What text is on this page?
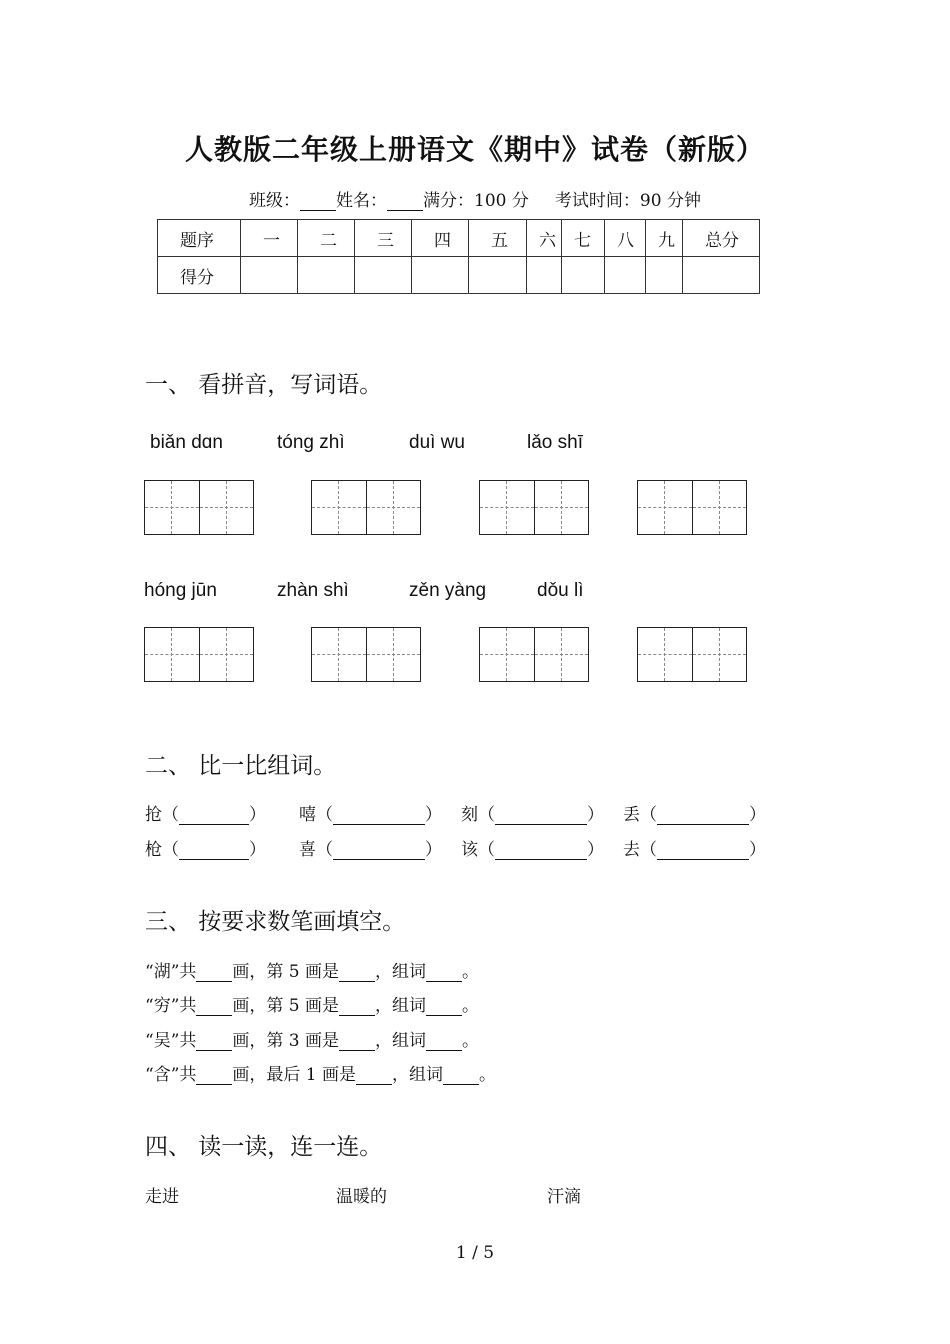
人教版二年级上册语文《期中》试卷（新版）
班级： 姓名： 满分：100 分 考试时间：90 分钟
题序	一	二	三	四	五	六	七	八	九	总分
得分										
一、 看拼音，写词语。
biǎn dɑn	tóng zhì	duì wu	lǎo shī
hóng jūn	zhàn shì	zěn yàng	dǒu lì
二、 比一比组词。
抢（	） 嘻（	） 刻（	） 丢（	）
枪（	） 喜（	） 该（	） 去（	）
三、 按要求数笔画填空。
“湖”共 画，第 5 画是 ，组词 。
“穷”共 画，第 5 画是 ，组词 。
“吴”共 画，第 3 画是 ，组词 。
“含”共 画，最后 1 画是 ，组词 。
四、 读一读，连一连。
走进	温暖的	汗滴
1 / 5
